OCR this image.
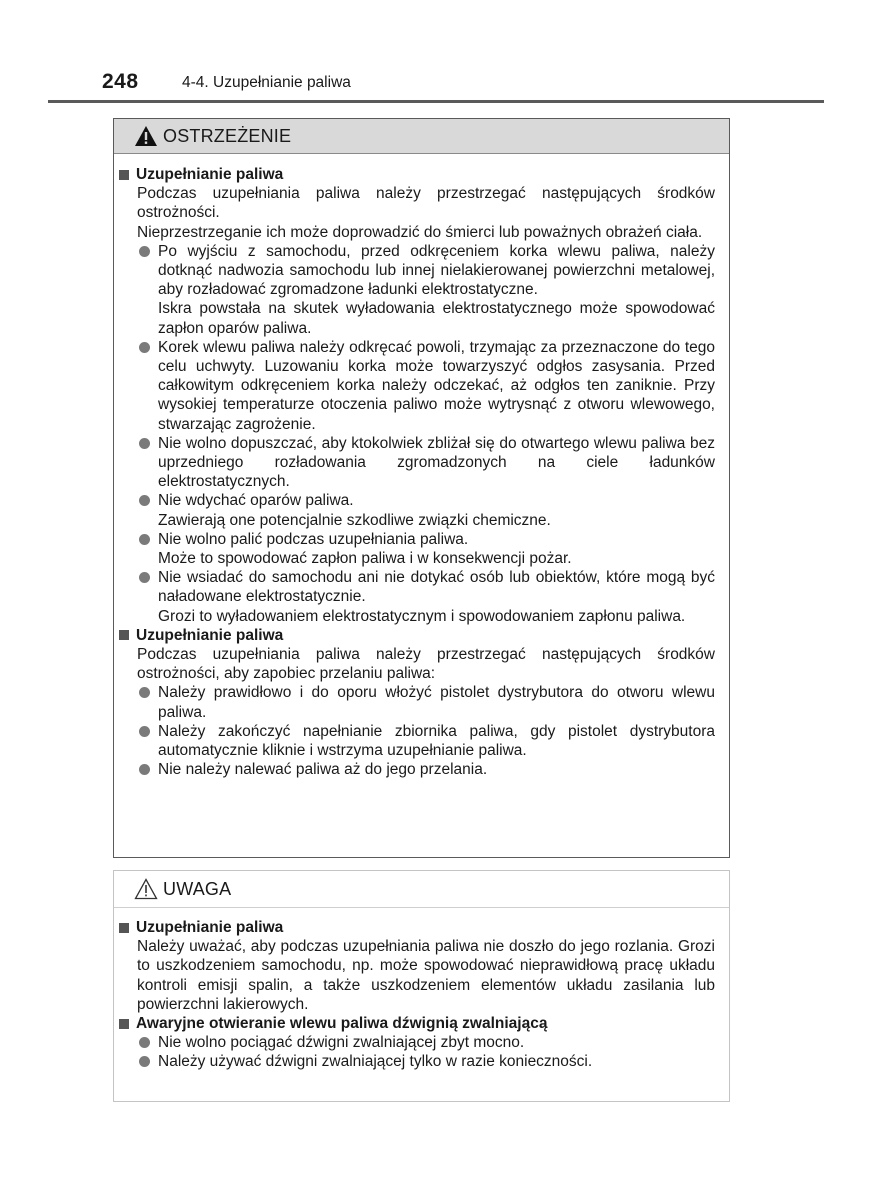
248	4-4. Uzupełnianie paliwa
OSTRZEŻENIE
Uzupełnianie paliwa
Podczas uzupełniania paliwa należy przestrzegać następujących środków ostrożności.
Nieprzestrzeganie ich może doprowadzić do śmierci lub poważnych obrażeń ciała.
Po wyjściu z samochodu, przed odkręceniem korka wlewu paliwa, należy dotknąć nadwozia samochodu lub innej nielakierowanej powierzchni metalowej, aby rozładować zgromadzone ładunki elektrostatyczne.
Iskra powstała na skutek wyładowania elektrostatycznego może spowodować zapłon oparów paliwa.
Korek wlewu paliwa należy odkręcać powoli, trzymając za przeznaczone do tego celu uchwyty. Luzowaniu korka może towarzyszyć odgłos zasysania. Przed całkowitym odkręceniem korka należy odczekać, aż odgłos ten zaniknie. Przy wysokiej temperaturze otoczenia paliwo może wytrysnąć z otworu wlewowego, stwarzając zagrożenie.
Nie wolno dopuszczać, aby ktokolwiek zbliżał się do otwartego wlewu paliwa bez uprzedniego rozładowania zgromadzonych na ciele ładunków elektrostatycznych.
Nie wdychać oparów paliwa.
Zawierają one potencjalnie szkodliwe związki chemiczne.
Nie wolno palić podczas uzupełniania paliwa.
Może to spowodować zapłon paliwa i w konsekwencji pożar.
Nie wsiadać do samochodu ani nie dotykać osób lub obiektów, które mogą być naładowane elektrostatycznie.
Grozi to wyładowaniem elektrostatycznym i spowodowaniem zapłonu paliwa.
Uzupełnianie paliwa
Podczas uzupełniania paliwa należy przestrzegać następujących środków ostrożności, aby zapobiec przelaniu paliwa:
Należy prawidłowo i do oporu włożyć pistolet dystrybutora do otworu wlewu paliwa.
Należy zakończyć napełnianie zbiornika paliwa, gdy pistolet dystrybutora automatycznie kliknie i wstrzyma uzupełnianie paliwa.
Nie należy nalewać paliwa aż do jego przelania.
UWAGA
Uzupełnianie paliwa
Należy uważać, aby podczas uzupełniania paliwa nie doszło do jego rozlania. Grozi to uszkodzeniem samochodu, np. może spowodować nieprawidłową pracę układu kontroli emisji spalin, a także uszkodzeniem elementów układu zasilania lub powierzchni lakierowych.
Awaryjne otwieranie wlewu paliwa dźwignią zwalniającą
Nie wolno pociągać dźwigni zwalniającej zbyt mocno.
Należy używać dźwigni zwalniającej tylko w razie konieczności.
